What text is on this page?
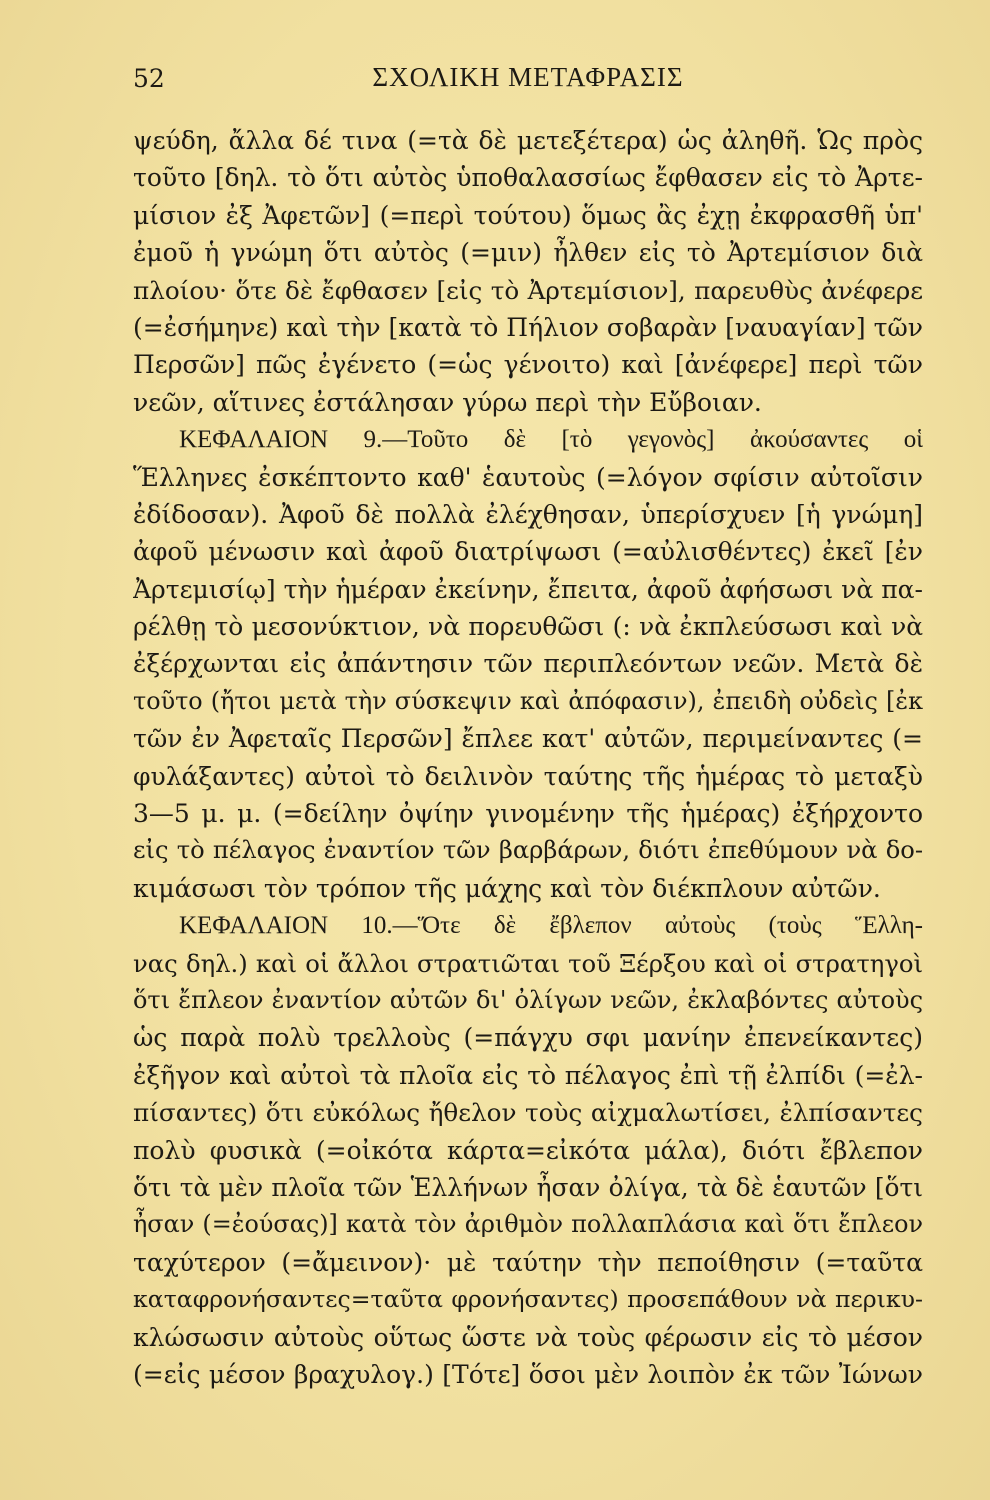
52	ΣΧΟΛΙΚΗ ΜΕΤΑΦΡΑΣΙΣ
ψεύδη, ἄλλα δέ τινα (=τὰ δὲ μετεξέτερα) ὡς ἀληθῆ. Ὡς πρὸς
τοῦτο [δηλ. τὸ ὅτι αὐτὸς ὑποθαλασσίως ἔφθασεν εἰς τὸ Ἀρτε-
μίσιον ἐξ Ἀφετῶν] (=περὶ τούτου) ὅμως ἂς ἐχῃ ἐκφρασθῆ ὑπ'
ἐμοῦ ἡ γνώμη ὅτι αὐτὸς (=μιν) ἦλθεν εἰς τὸ Ἀρτεμίσιον διὰ
πλοίου· ὅτε δὲ ἔφθασεν [εἰς τὸ Ἀρτεμίσιον], παρευθὺς ἀνέφερε
(=ἐσήμηνε) καὶ τὴν [κατὰ τὸ Πήλιον σοβαρὰν [ναυαγίαν] τῶν
Περσῶν] πῶς ἐγένετο (=ὡς γένοιτο) καὶ [ἀνέφερε] περὶ τῶν
νεῶν, αἵτινες ἐστάλησαν γύρω περὶ τὴν Εὔβοιαν.
ΚΕΦΑΛΑΙΟΝ 9.—Τοῦτο δὲ [τὸ γεγονὸς] ἀκούσαντες οἱ
Ἕλληνες ἐσκέπτοντο καθ' ἑαυτοὺς (=λόγον σφίσιν αὐτοῖσιν
ἐδίδοσαν). Ἀφοῦ δὲ πολλὰ ἐλέχθησαν, ὑπερίσχυεν [ἡ γνώμη]
ἀφοῦ μένωσιν καὶ ἀφοῦ διατρίψωσι (=αὐλισθέντες) ἐκεῖ [ἐν
Ἀρτεμισίῳ] τὴν ἡμέραν ἐκείνην, ἔπειτα, ἀφοῦ ἀφήσωσι νὰ πα-
ρέλθῃ τὸ μεσονύκτιον, νὰ πορευθῶσι (: νὰ ἐκπλεύσωσι καὶ νὰ
ἐξέρχωνται εἰς ἀπάντησιν τῶν περιπλεόντων νεῶν. Μετὰ δὲ
τοῦτο (ἤτοι μετὰ τὴν σύσκεψιν καὶ ἀπόφασιν), ἐπειδὴ οὐδεὶς [ἐκ
τῶν ἐν Ἀφεταῖς Περσῶν] ἔπλεε κατ' αὐτῶν, περιμείναντες (=
φυλάξαντες) αὐτοὶ τὸ δειλινὸν ταύτης τῆς ἡμέρας τὸ μεταξὺ
3—5 μ. μ. (=δείλην ὀψίην γινομένην τῆς ἡμέρας) ἐξήρχοντο
εἰς τὸ πέλαγος ἐναντίον τῶν βαρβάρων, διότι ἐπεθύμουν νὰ δο-
κιμάσωσι τὸν τρόπον τῆς μάχης καὶ τὸν διέκπλουν αὐτῶν.
ΚΕΦΑΛΑΙΟΝ 10.—Ὅτε δὲ ἔβλεπον αὐτοὺς (τοὺς Ἕλλη-
νας δηλ.) καὶ οἱ ἄλλοι στρατιῶται τοῦ Ξέρξου καὶ οἱ στρατηγοὶ
ὅτι ἔπλεον ἐναντίον αὐτῶν δι' ὀλίγων νεῶν, ἐκλαβόντες αὐτοὺς
ὡς παρὰ πολὺ τρελλοὺς (=πάγχυ σφι μανίην ἐπενείκαντες)
ἐξῆγον καὶ αὐτοὶ τὰ πλοῖα εἰς τὸ πέλαγος ἐπὶ τῇ ἐλπίδι (=ἐλ-
πίσαντες) ὅτι εὐκόλως ἤθελον τοὺς αἰχμαλωτίσει, ἐλπίσαντες
πολὺ φυσικὰ (=οἰκότα κάρτα=εἰκότα μάλα), διότι ἔβλεπον
ὅτι τὰ μὲν πλοῖα τῶν Ἑλλήνων ἦσαν ὀλίγα, τὰ δὲ ἑαυτῶν [ὅτι
ἦσαν (=ἐούσας)] κατὰ τὸν ἀριθμὸν πολλαπλάσια καὶ ὅτι ἔπλεον
ταχύτερον (=ἄμεινον)· μὲ ταύτην τὴν πεποίθησιν (=ταῦτα
καταφρονήσαντες=ταῦτα φρονήσαντες) προσεπάθουν νὰ περικυ-
κλώσωσιν αὐτοὺς οὕτως ὥστε νὰ τοὺς φέρωσιν εἰς τὸ μέσον
(=εἰς μέσον βραχυλογ.) [Τότε] ὅσοι μὲν λοιπὸν ἐκ τῶν Ἰώνων
